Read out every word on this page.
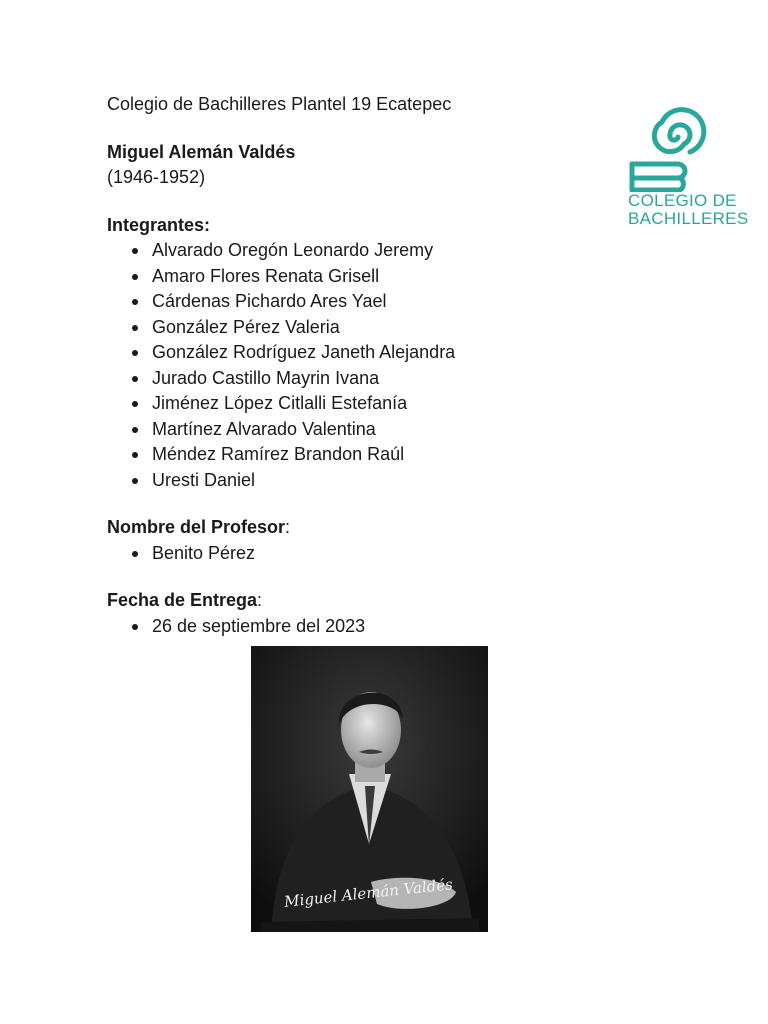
Colegio de Bachilleres Plantel 19 Ecatepec

Miguel Alemán Valdés

(1946-1952)

Integrantes:

Alvarado Oregón Leonardo Jeremy
Amaro Flores Renata Grisell
Cárdenas Pichardo Ares Yael
González Pérez Valeria
González Rodríguez Janeth Alejandra
Jurado Castillo Mayrin Ivana
Jiménez López Citlalli Estefanía
Martínez Alvarado Valentina
Méndez Ramírez Brandon Raúl
Uresti Daniel

Nombre del Profesor:

Benito Pérez

Fecha de Entrega:

26 de septiembre del 2023
COLEGIO DE
BACHILLERES
Miguel Alemán Valdés
